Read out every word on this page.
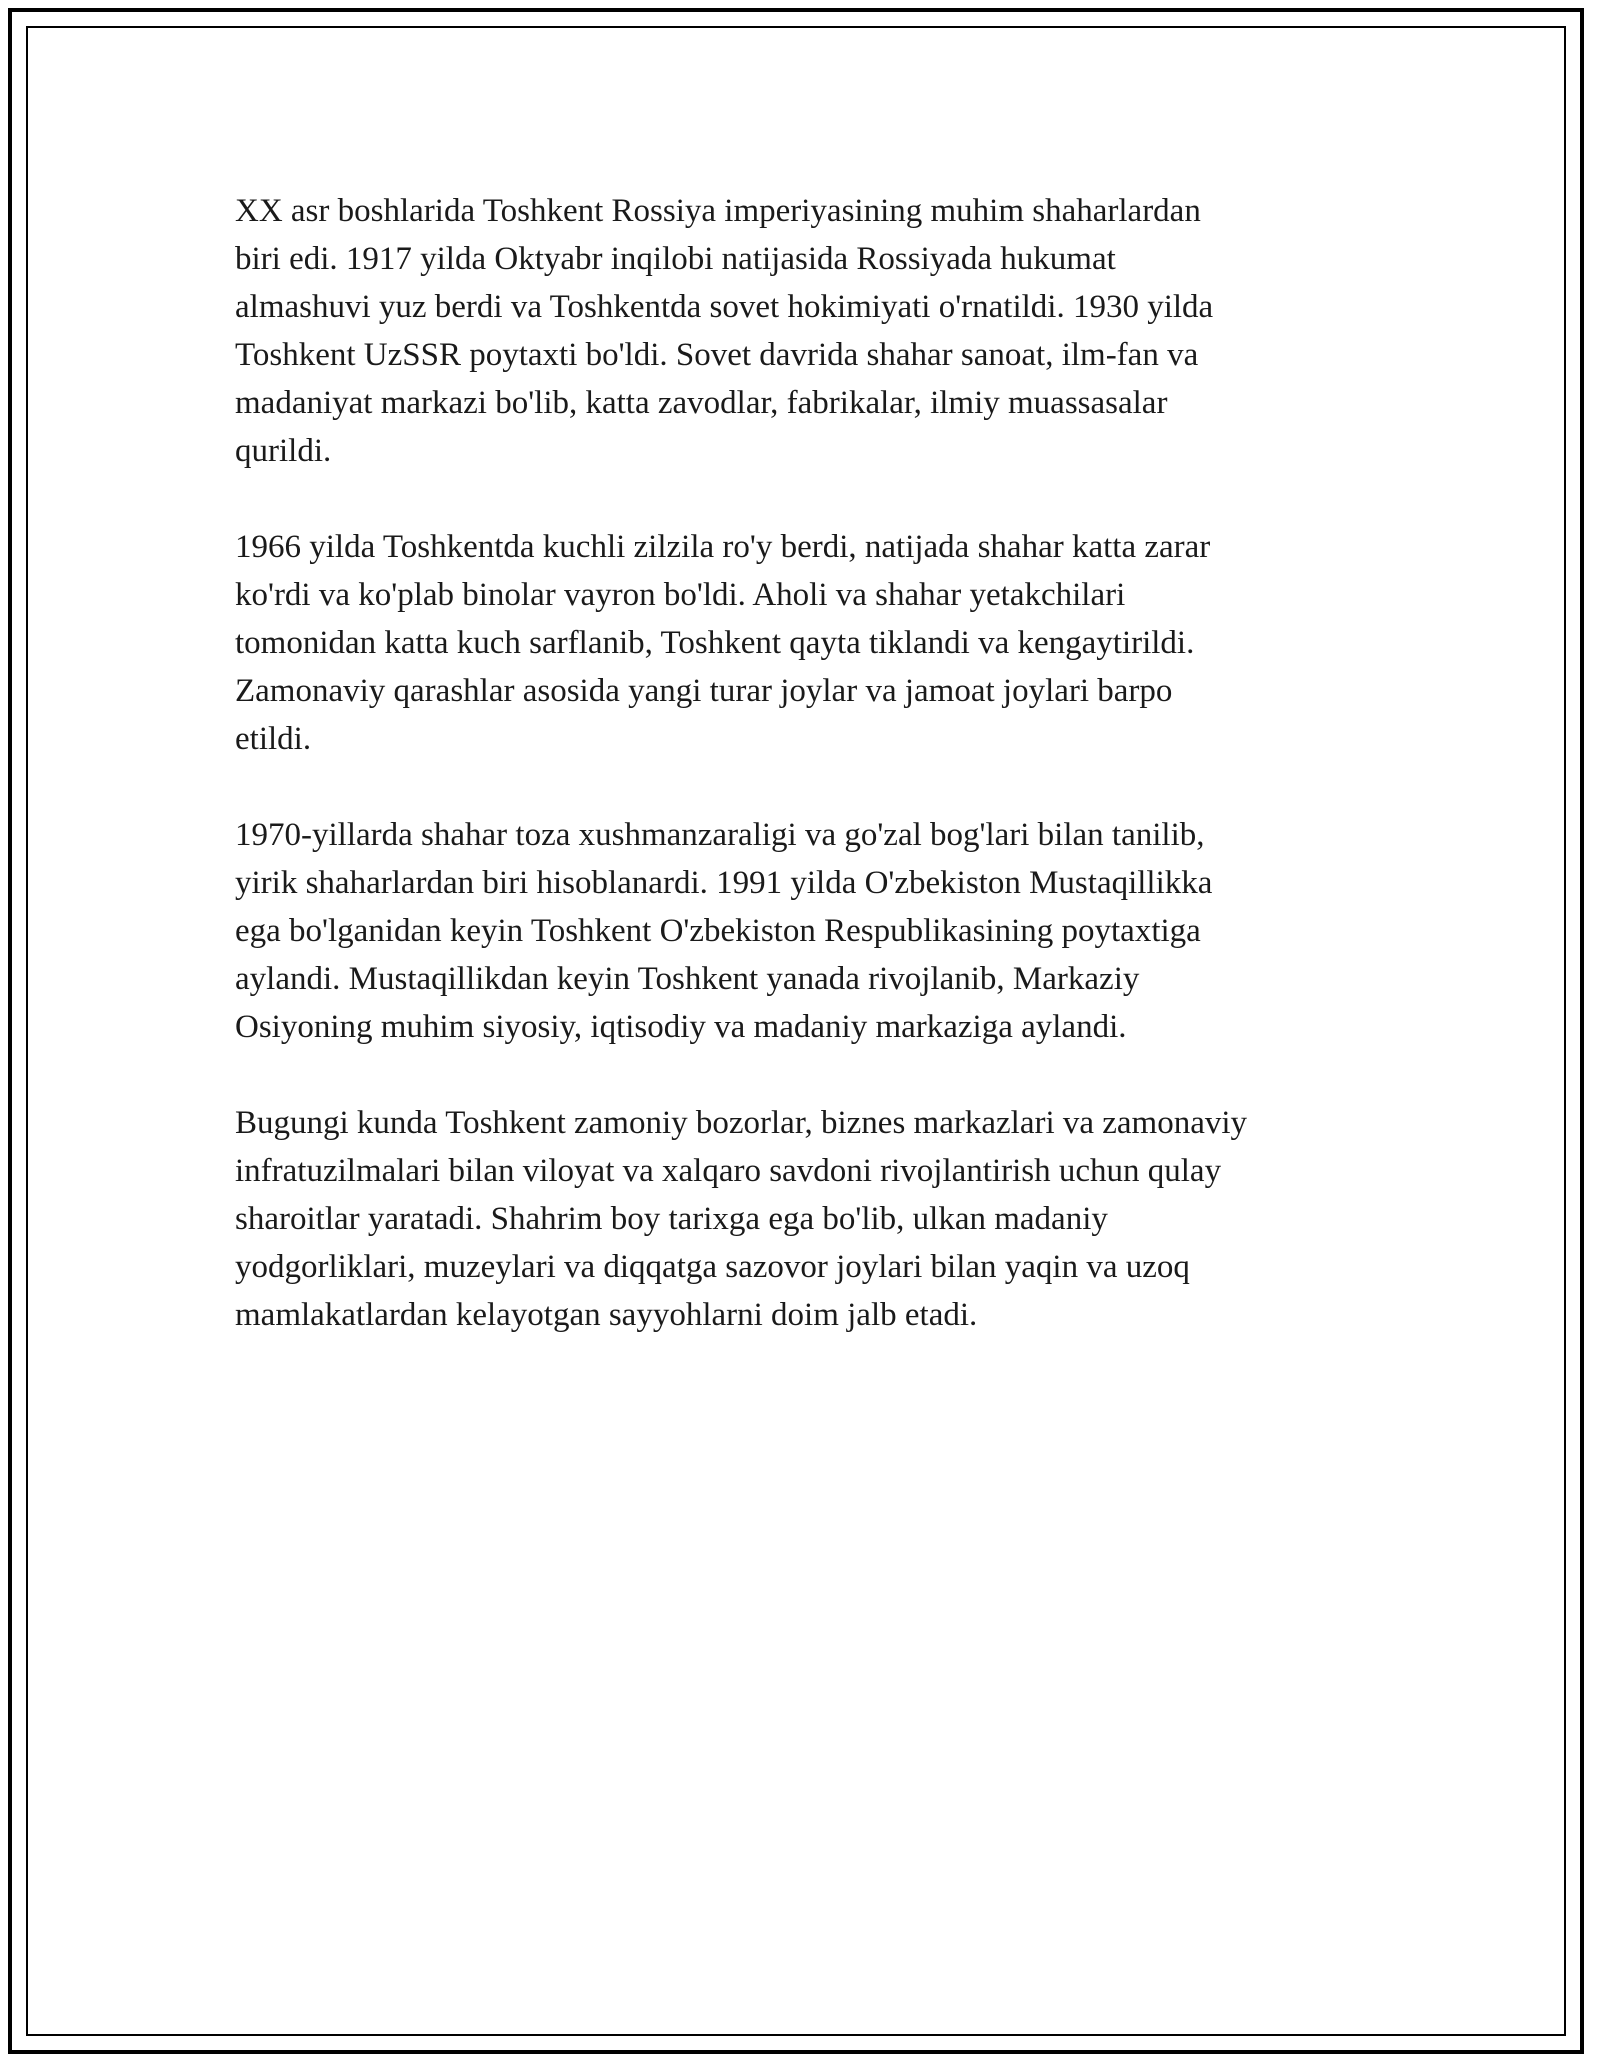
XX asr boshlarida Toshkent Rossiya imperiyasining muhim shaharlardan
biri edi. 1917 yilda Oktyabr inqilobi natijasida Rossiyada hukumat
almashuvi yuz berdi va Toshkentda sovet hokimiyati o'rnatildi. 1930 yilda
Toshkent UzSSR poytaxti bo'ldi. Sovet davrida shahar sanoat, ilm-fan va
madaniyat markazi bo'lib, katta zavodlar, fabrikalar, ilmiy muassasalar
qurildi.

1966 yilda Toshkentda kuchli zilzila ro'y berdi, natijada shahar katta zarar
ko'rdi va ko'plab binolar vayron bo'ldi. Aholi va shahar yetakchilari
tomonidan katta kuch sarflanib, Toshkent qayta tiklandi va kengaytirildi.
Zamonaviy qarashlar asosida yangi turar joylar va jamoat joylari barpo
etildi.

1970-yillarda shahar toza xushmanzaraligi va go'zal bog'lari bilan tanilib,
yirik shaharlardan biri hisoblanardi. 1991 yilda O'zbekiston Mustaqillikka
ega bo'lganidan keyin Toshkent O'zbekiston Respublikasining poytaxtiga
aylandi. Mustaqillikdan keyin Toshkent yanada rivojlanib, Markaziy
Osiyoning muhim siyosiy, iqtisodiy va madaniy markaziga aylandi.

Bugungi kunda Toshkent zamoniy bozorlar, biznes markazlari va zamonaviy
infratuzilmalari bilan viloyat va xalqaro savdoni rivojlantirish uchun qulay
sharoitlar yaratadi. Shahrim boy tarixga ega bo'lib, ulkan madaniy
yodgorliklari, muzeylari va diqqatga sazovor joylari bilan yaqin va uzoq
mamlakatlardan kelayotgan sayyohlarni doim jalb etadi.
